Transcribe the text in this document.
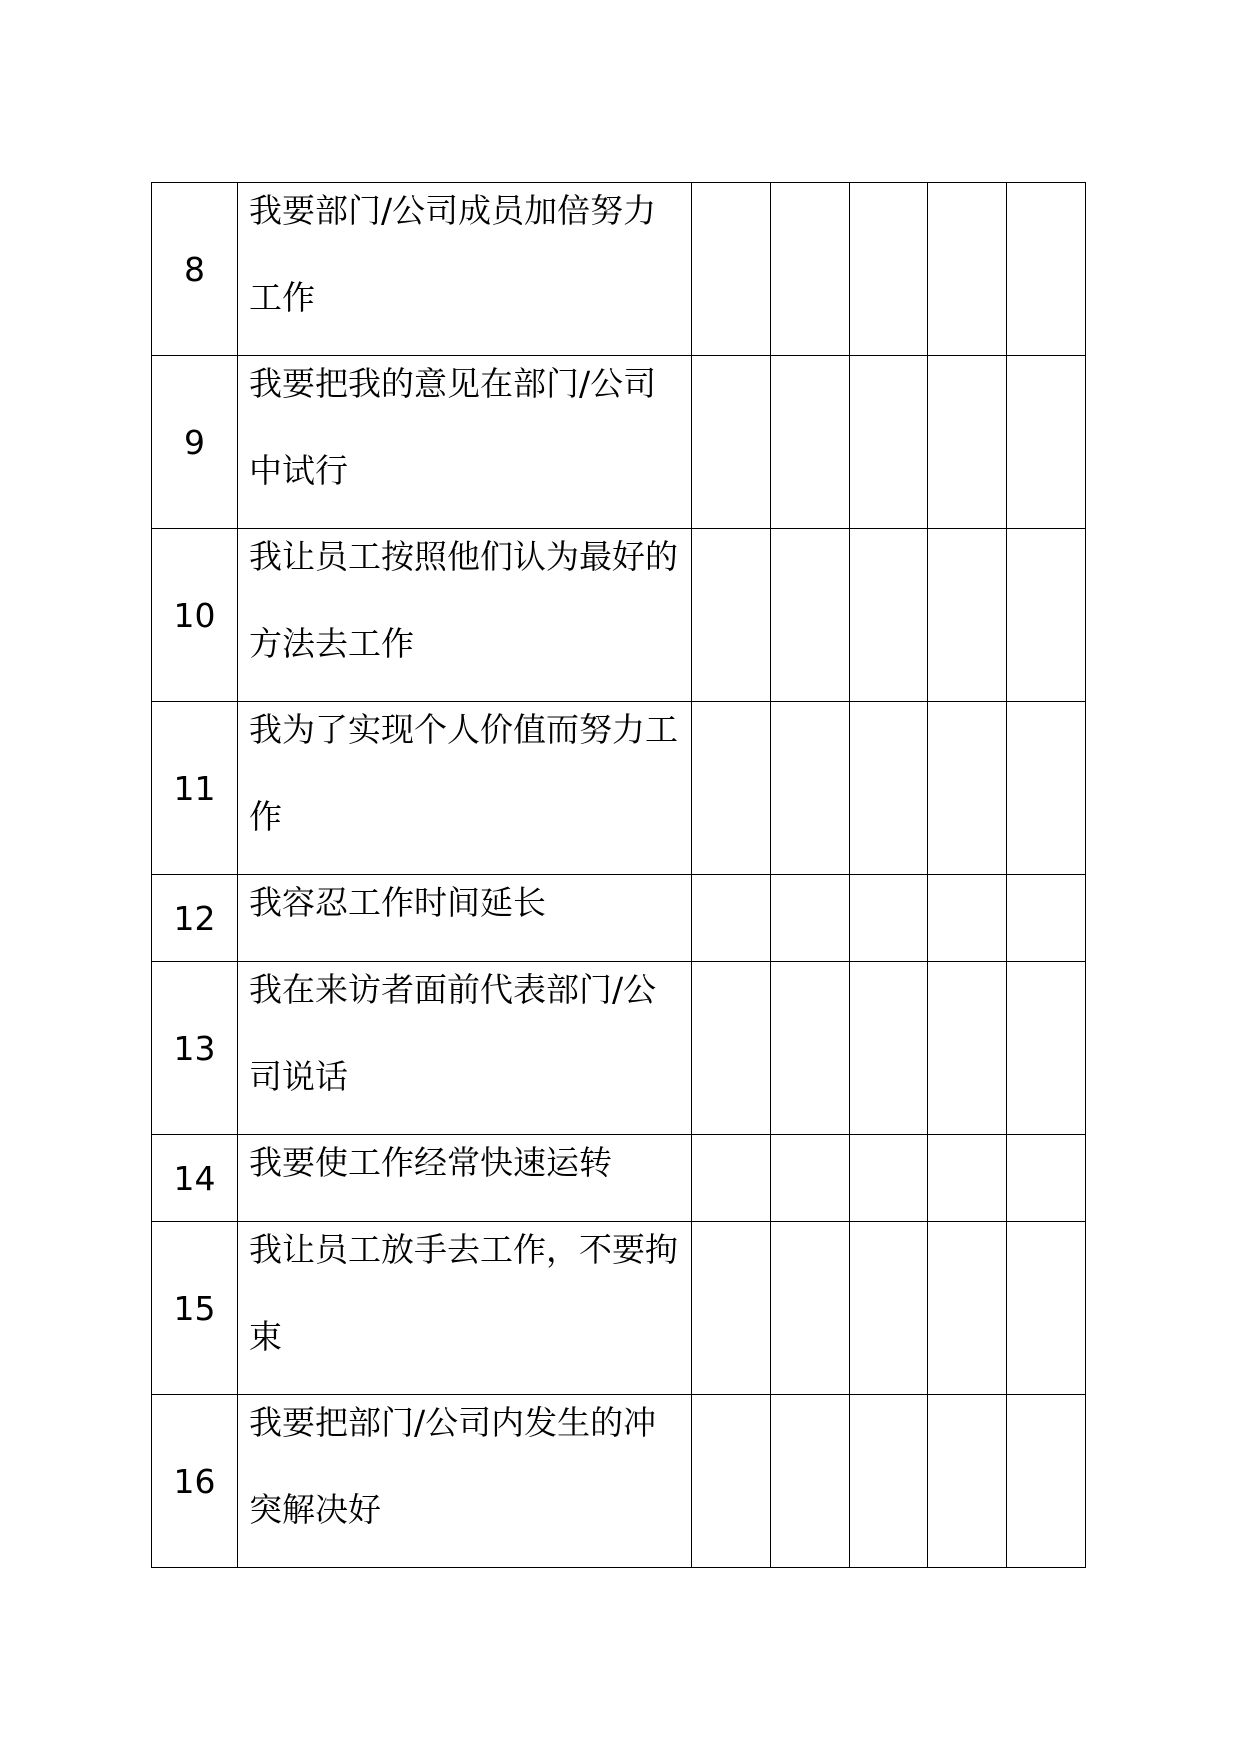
8	我要部门/公司成员加倍努力工作					

9	我要把我的意见在部门/公司中试行					

10	我让员工按照他们认为最好的方法去工作					

11	我为了实现个人价值而努力工作					

12	我容忍工作时间延长					

13	我在来访者面前代表部门/公司说话					

14	我要使工作经常快速运转					

15	我让员工放手去工作，不要拘束					

16	我要把部门/公司内发生的冲突解决好					
